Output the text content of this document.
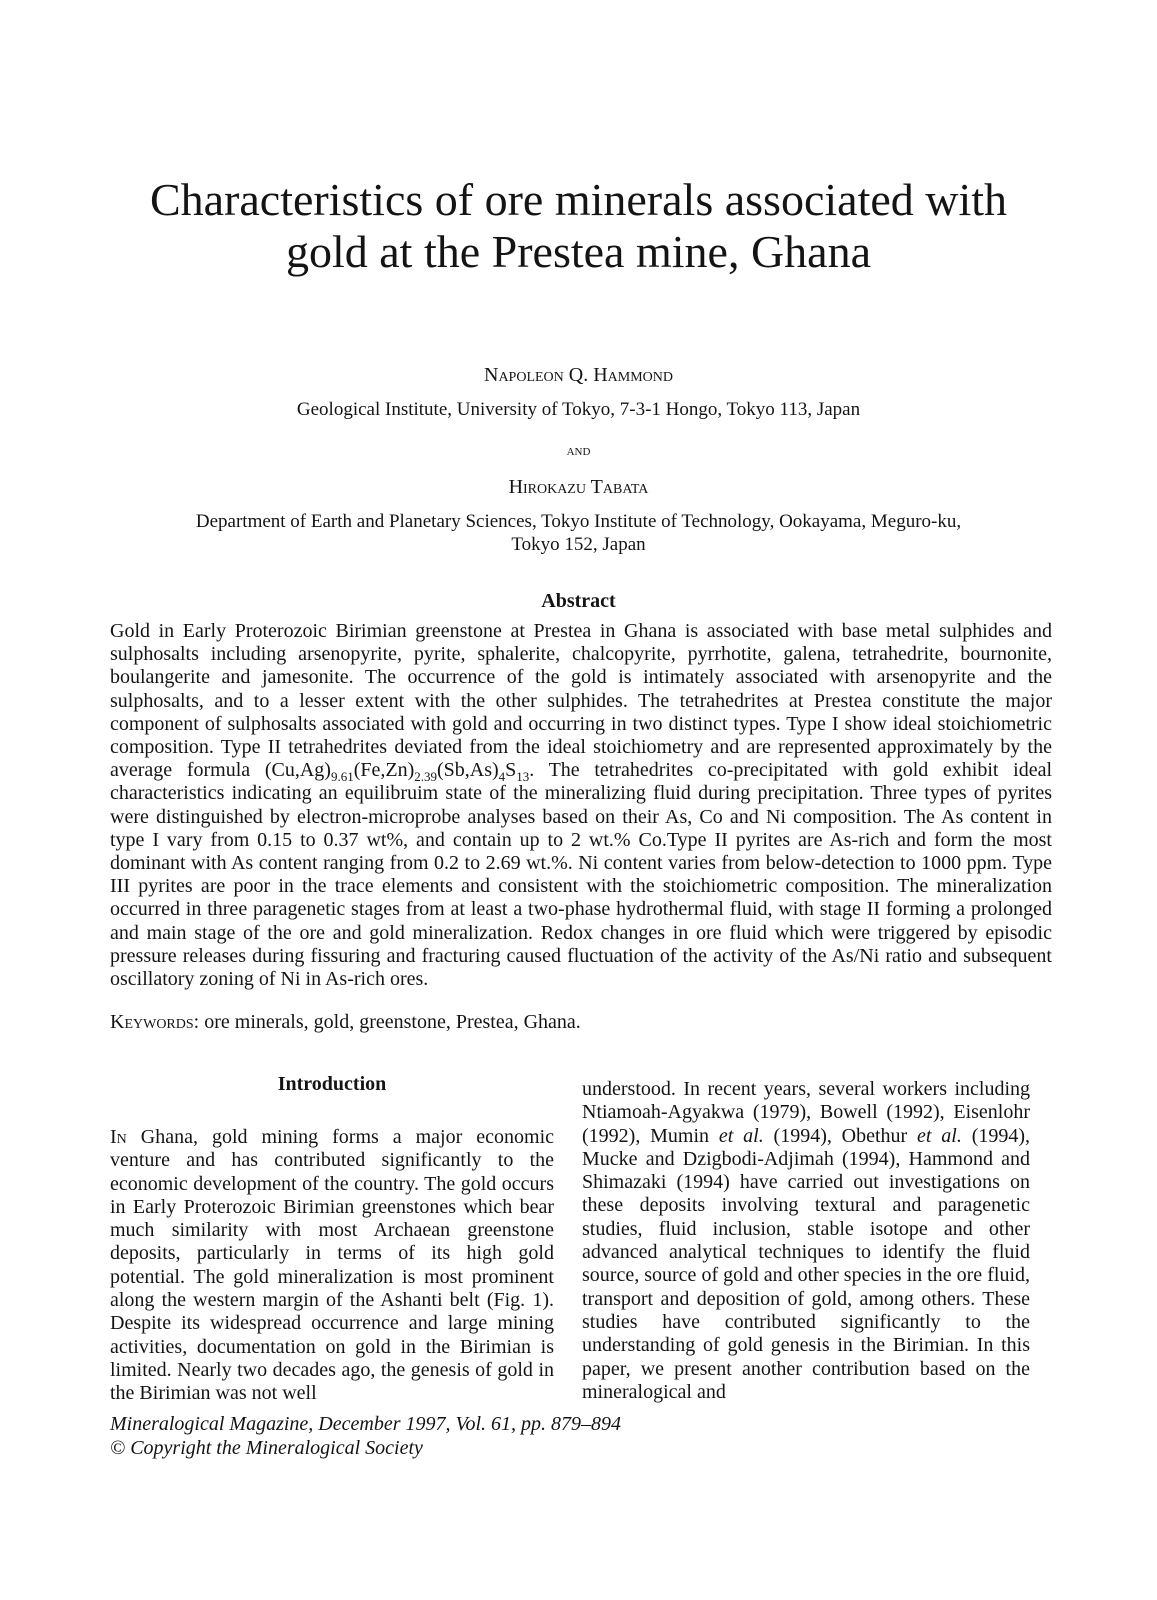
Characteristics of ore minerals associated with
gold at the Prestea mine, Ghana
Napoleon Q. Hammond
Geological Institute, University of Tokyo, 7-3-1 Hongo, Tokyo 113, Japan
and
Hirokazu Tabata
Department of Earth and Planetary Sciences, Tokyo Institute of Technology, Ookayama, Meguro-ku,
Tokyo 152, Japan
Abstract
Gold in Early Proterozoic Birimian greenstone at Prestea in Ghana is associated with base metal sulphides and sulphosalts including arsenopyrite, pyrite, sphalerite, chalcopyrite, pyrrhotite, galena, tetrahedrite, bournonite, boulangerite and jamesonite. The occurrence of the gold is intimately associated with arsenopyrite and the sulphosalts, and to a lesser extent with the other sulphides. The tetrahedrites at Prestea constitute the major component of sulphosalts associated with gold and occurring in two distinct types. Type I show ideal stoichiometric composition. Type II tetrahedrites deviated from the ideal stoichiometry and are represented approximately by the average formula $(Cu,Ag)_{9.61}(Fe,Zn)_{2.39}(Sb,As)_4S_{13}$. The tetrahedrites co-precipitated with gold exhibit ideal characteristics indicating an equilibruim state of the mineralizing fluid during precipitation. Three types of pyrites were distinguished by electron-microprobe analyses based on their As, Co and Ni composition. The As content in type I vary from 0.15 to 0.37 wt%, and contain up to 2 wt.% Co.Type II pyrites are As-rich and form the most dominant with As content ranging from 0.2 to 2.69 wt.%. Ni content varies from below-detection to 1000 ppm. Type III pyrites are poor in the trace elements and consistent with the stoichiometric composition. The mineralization occurred in three paragenetic stages from at least a two-phase hydrothermal fluid, with stage II forming a prolonged and main stage of the ore and gold mineralization. Redox changes in ore fluid which were triggered by episodic pressure releases during fissuring and fracturing caused fluctuation of the activity of the As/Ni ratio and subsequent oscillatory zoning of Ni in As-rich ores.
Keywords: ore minerals, gold, greenstone, Prestea, Ghana.
Introduction

In Ghana, gold mining forms a major economic venture and has contributed significantly to the economic development of the country. The gold occurs in Early Proterozoic Birimian greenstones which bear much similarity with most Archaean greenstone deposits, particularly in terms of its high gold potential. The gold mineralization is most prominent along the western margin of the Ashanti belt (Fig. 1). Despite its widespread occurrence and large mining activities, documentation on gold in the Birimian is limited. Nearly two decades ago, the genesis of gold in the Birimian was not well

understood. In recent years, several workers including Ntiamoah-Agyakwa (1979), Bowell (1992), Eisenlohr (1992), Mumin et al. (1994), Obethur et al. (1994), Mucke and Dzigbodi-Adjimah (1994), Hammond and Shimazaki (1994) have carried out investigations on these deposits involving textural and paragenetic studies, fluid inclusion, stable isotope and other advanced analytical techniques to identify the fluid source, source of gold and other species in the ore fluid, transport and deposition of gold, among others. These studies have contributed significantly to the understanding of gold genesis in the Birimian. In this paper, we present another contribution based on the mineralogical and

Mineralogical Magazine, December 1997, Vol. 61, pp. 879–894
© Copyright the Mineralogical Society
